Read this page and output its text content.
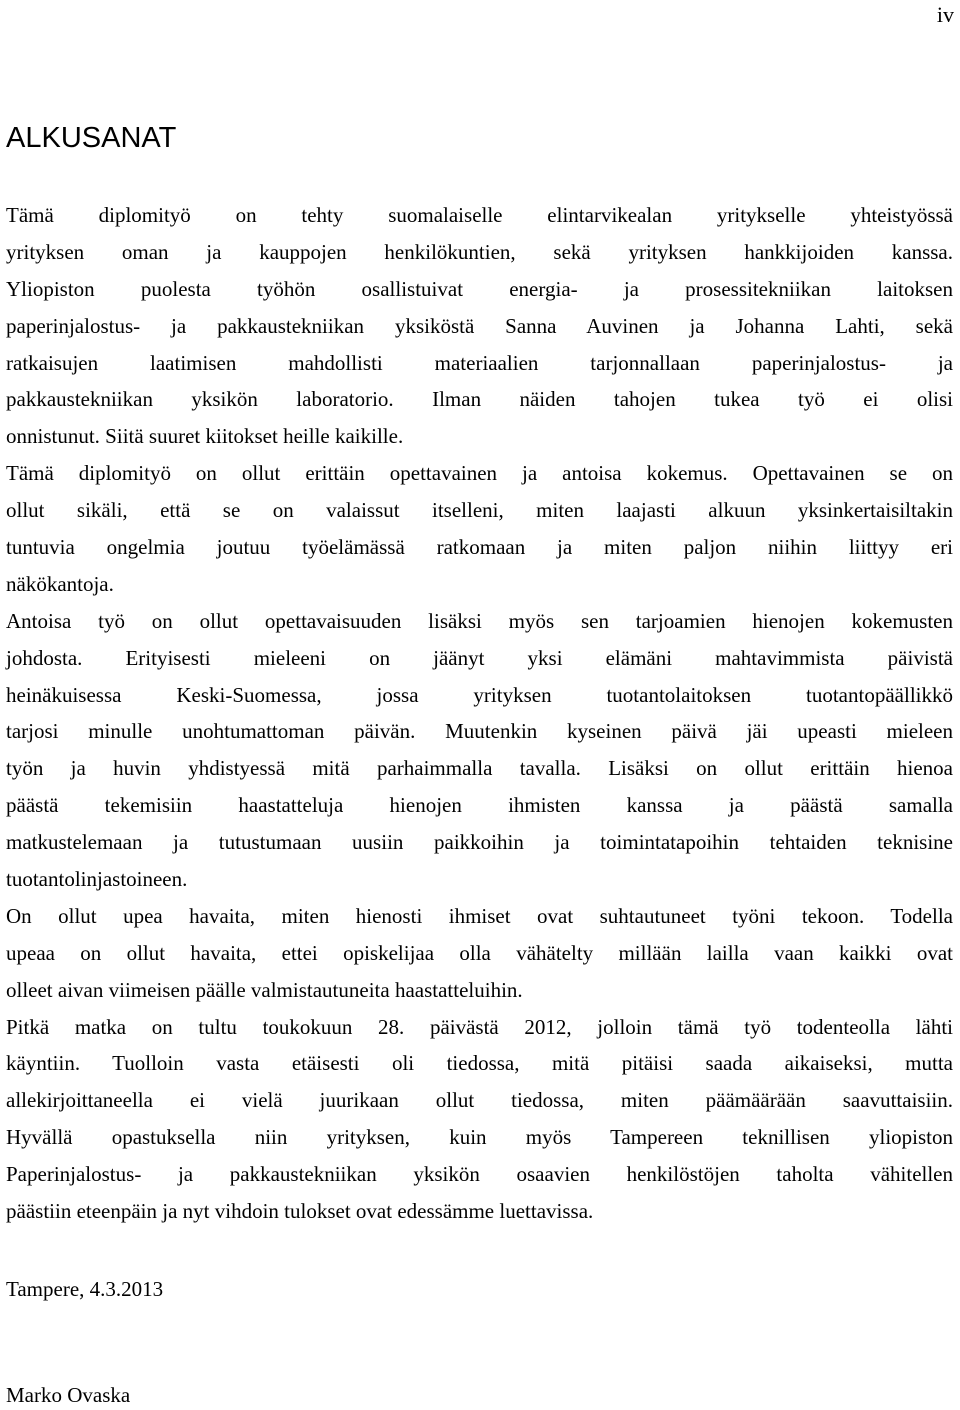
iv
ALKUSANAT

Tämä diplomityö on tehty suomalaiselle elintarvikealan yritykselle yhteistyössä
yrityksen oman ja kauppojen henkilökuntien, sekä yrityksen hankkijoiden kanssa.
Yliopiston puolesta työhön osallistuivat energia- ja prosessitekniikan laitoksen
paperinjalostus- ja pakkaustekniikan yksiköstä Sanna Auvinen ja Johanna Lahti, sekä
ratkaisujen laatimisen mahdollisti materiaalien tarjonnallaan paperinjalostus- ja
pakkaustekniikan yksikön laboratorio. Ilman näiden tahojen tukea työ ei olisi
onnistunut. Siitä suuret kiitokset heille kaikille.

Tämä diplomityö on ollut erittäin opettavainen ja antoisa kokemus. Opettavainen se on
ollut sikäli, että se on valaissut itselleni, miten laajasti alkuun yksinkertaisiltakin
tuntuvia ongelmia joutuu työelämässä ratkomaan ja miten paljon niihin liittyy eri
näkökantoja.

Antoisa työ on ollut opettavaisuuden lisäksi myös sen tarjoamien hienojen kokemusten
johdosta. Erityisesti mieleeni on jäänyt yksi elämäni mahtavimmista päivistä
heinäkuisessa Keski-Suomessa, jossa yrityksen tuotantolaitoksen tuotantopäällikkö
tarjosi minulle unohtumattoman päivän. Muutenkin kyseinen päivä jäi upeasti mieleen
työn ja huvin yhdistyessä mitä parhaimmalla tavalla. Lisäksi on ollut erittäin hienoa
päästä tekemisiin haastatteluja hienojen ihmisten kanssa ja päästä samalla
matkustelemaan ja tutustumaan uusiin paikkoihin ja toimintatapoihin tehtaiden teknisine
tuotantolinjastoineen.

On ollut upea havaita, miten hienosti ihmiset ovat suhtautuneet työni tekoon. Todella
upeaa on ollut havaita, ettei opiskelijaa olla vähätelty millään lailla vaan kaikki ovat
olleet aivan viimeisen päälle valmistautuneita haastatteluihin.

Pitkä matka on tultu toukokuun 28. päivästä 2012, jolloin tämä työ todenteolla lähti
käyntiin. Tuolloin vasta etäisesti oli tiedossa, mitä pitäisi saada aikaiseksi, mutta
allekirjoittaneella ei vielä juurikaan ollut tiedossa, miten päämäärään saavuttaisiin.
Hyvällä opastuksella niin yrityksen, kuin myös Tampereen teknillisen yliopiston
Paperinjalostus- ja pakkaustekniikan yksikön osaavien henkilöstöjen taholta vähitellen
päästiin eteenpäin ja nyt vihdoin tulokset ovat edessämme luettavissa.

Tampere, 4.3.2013
Marko Ovaska
